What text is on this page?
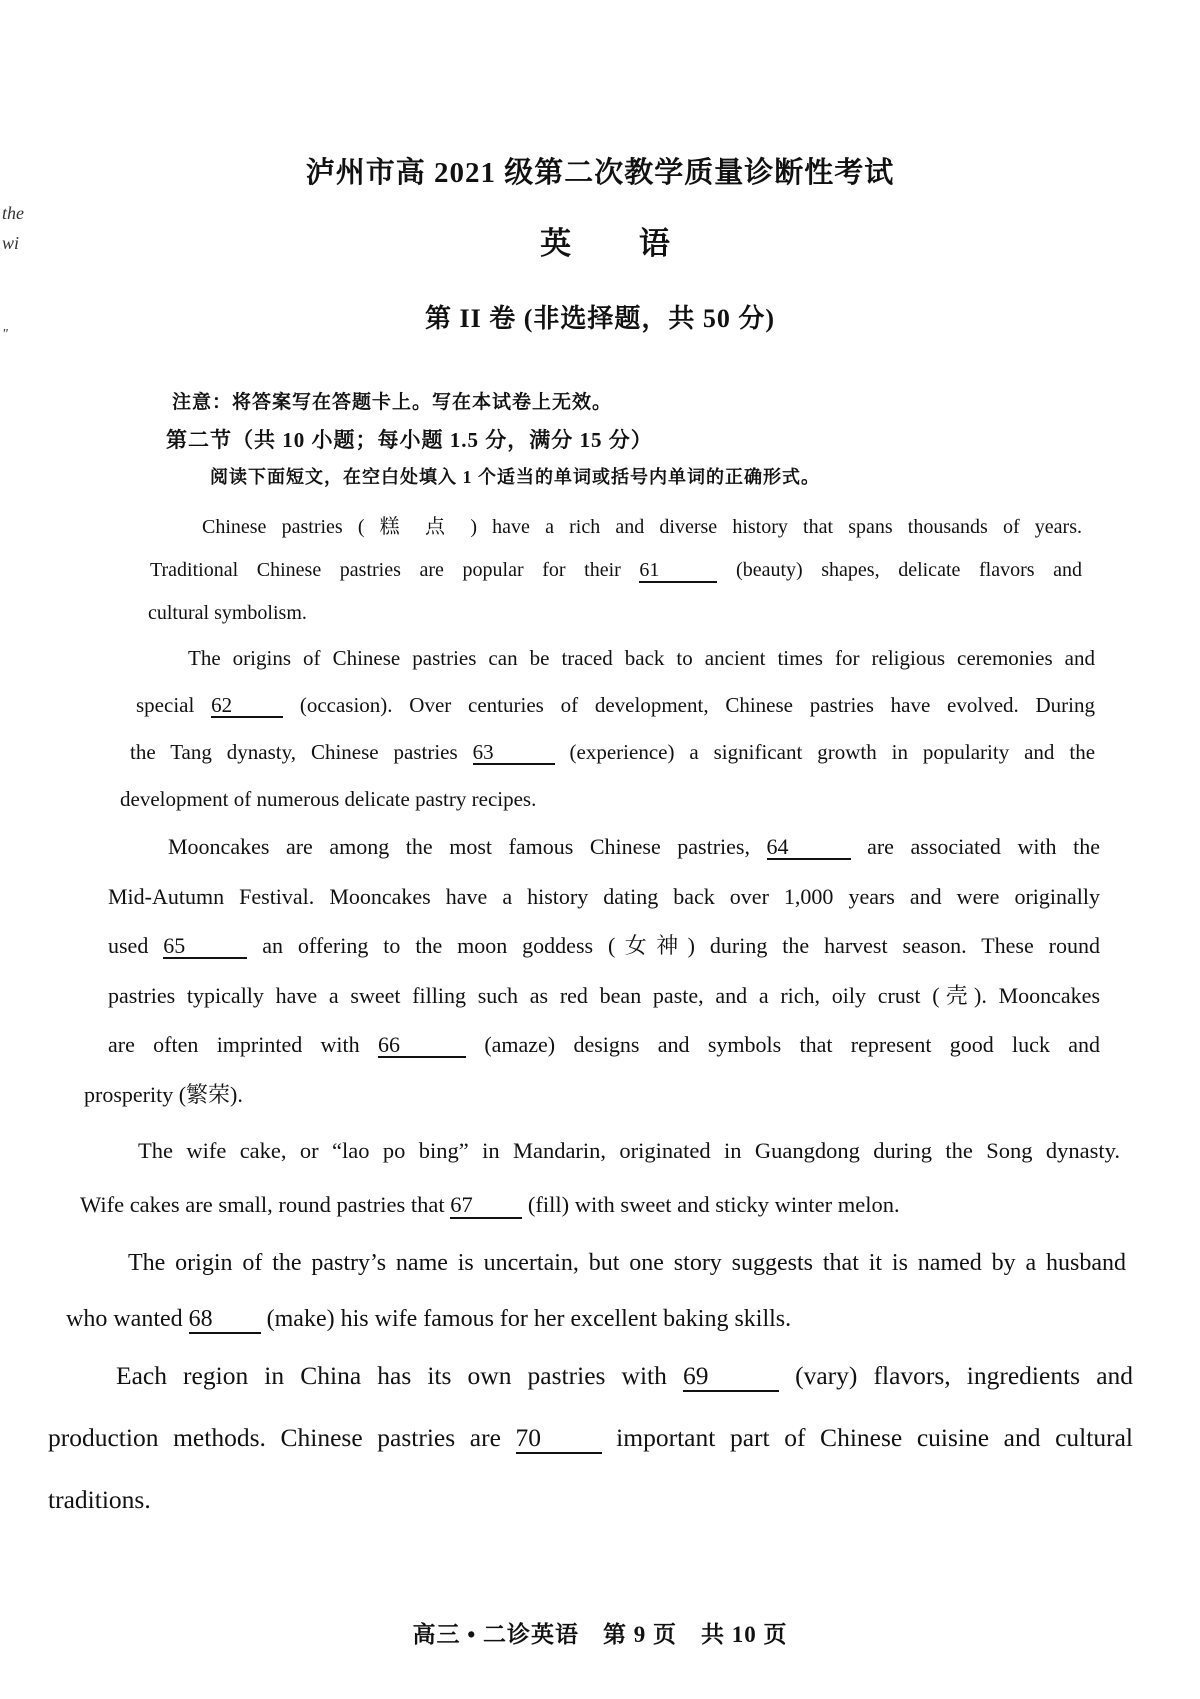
the
wi
"
泸州市高 2021 级第二次教学质量诊断性考试
英 语
第 II 卷 (非选择题，共 50 分)
注意：将答案写在答题卡上。写在本试卷上无效。
第二节（共 10 小题；每小题 1.5 分，满分 15 分）
阅读下面短文，在空白处填入 1 个适当的单词或括号内单词的正确形式。
Chinese pastries ( 糕 点 ) have a rich and diverse history that spans thousands of years.
Traditional Chinese pastries are popular for their 61	(beauty) shapes, delicate flavors and
cultural symbolism.
The origins of Chinese pastries can be traced back to ancient times for religious ceremonies and
special 62	(occasion). Over centuries of development, Chinese pastries have evolved. During
the Tang dynasty, Chinese pastries 63	(experience) a significant growth in popularity and the
development of numerous delicate pastry recipes.
Mooncakes are among the most famous Chinese pastries, 64	are associated with the
Mid-Autumn Festival. Mooncakes have a history dating back over 1,000 years and were originally
used 65	an offering to the moon goddess (女神) during the harvest season. These round
pastries typically have a sweet filling such as red bean paste, and a rich, oily crust (壳). Mooncakes
are often imprinted with 66	(amaze) designs and symbols that represent good luck and
prosperity (繁荣).
The wife cake, or “lao po bing” in Mandarin, originated in Guangdong during the Song dynasty.
Wife cakes are small, round pastries that 67 (fill) with sweet and sticky winter melon.
The origin of the pastry’s name is uncertain, but one story suggests that it is named by a husband
who wanted 68 (make) his wife famous for her excellent baking skills.
Each region in China has its own pastries with 69	(vary) flavors, ingredients and
production methods. Chinese pastries are 70	important part of Chinese cuisine and cultural
traditions.
高三 • 二诊英语　第 9 页　共 10 页
